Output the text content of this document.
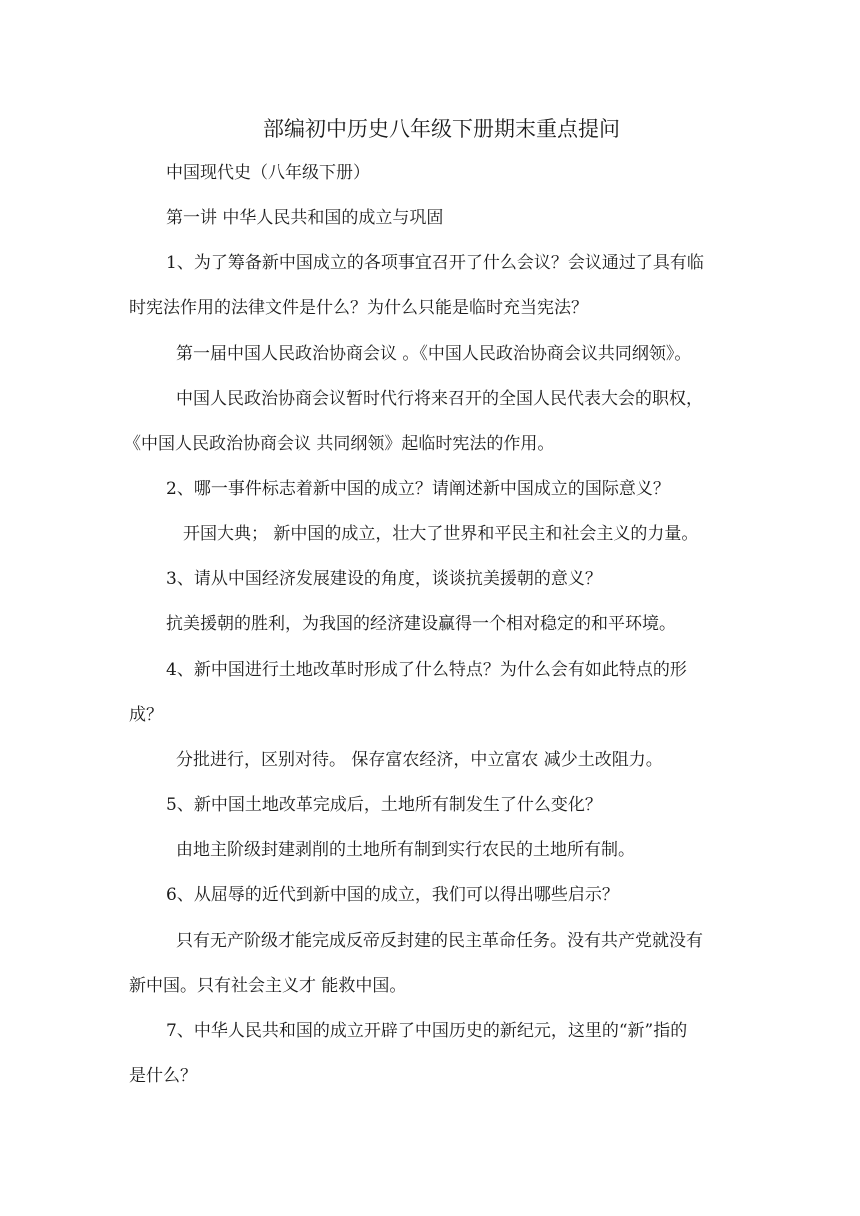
部编初中历史八年级下册期末重点提问
中国现代史（八年级下册）
第一讲 中华人民共和国的成立与巩固
1、为了筹备新中国成立的各项事宜召开了什么会议？会议通过了具有临
时宪法作用的法律文件是什么？为什么只能是临时充当宪法？
第一届中国人民政治协商会议 。《中国人民政治协商会议共同纲领》。
中国人民政治协商会议暂时代行将来召开的全国人民代表大会的职权，
《中国人民政治协商会议 共同纲领》起临时宪法的作用。
2、哪一事件标志着新中国的成立？请阐述新中国成立的国际意义？
开国大典； 新中国的成立，壮大了世界和平民主和社会主义的力量。
3、请从中国经济发展建设的角度，谈谈抗美援朝的意义？
抗美援朝的胜利，为我国的经济建设赢得一个相对稳定的和平环境。
4、新中国进行土地改革时形成了什么特点？为什么会有如此特点的形
成？
分批进行，区别对待。 保存富农经济，中立富农 减少土改阻力。
5、新中国土地改革完成后，土地所有制发生了什么变化？
由地主阶级封建剥削的土地所有制到实行农民的土地所有制。
6、从屈辱的近代到新中国的成立，我们可以得出哪些启示？
只有无产阶级才能完成反帝反封建的民主革命任务。没有共产党就没有
新中国。只有社会主义才 能救中国。
7、中华人民共和国的成立开辟了中国历史的新纪元，这里的“新”指的
是什么？
